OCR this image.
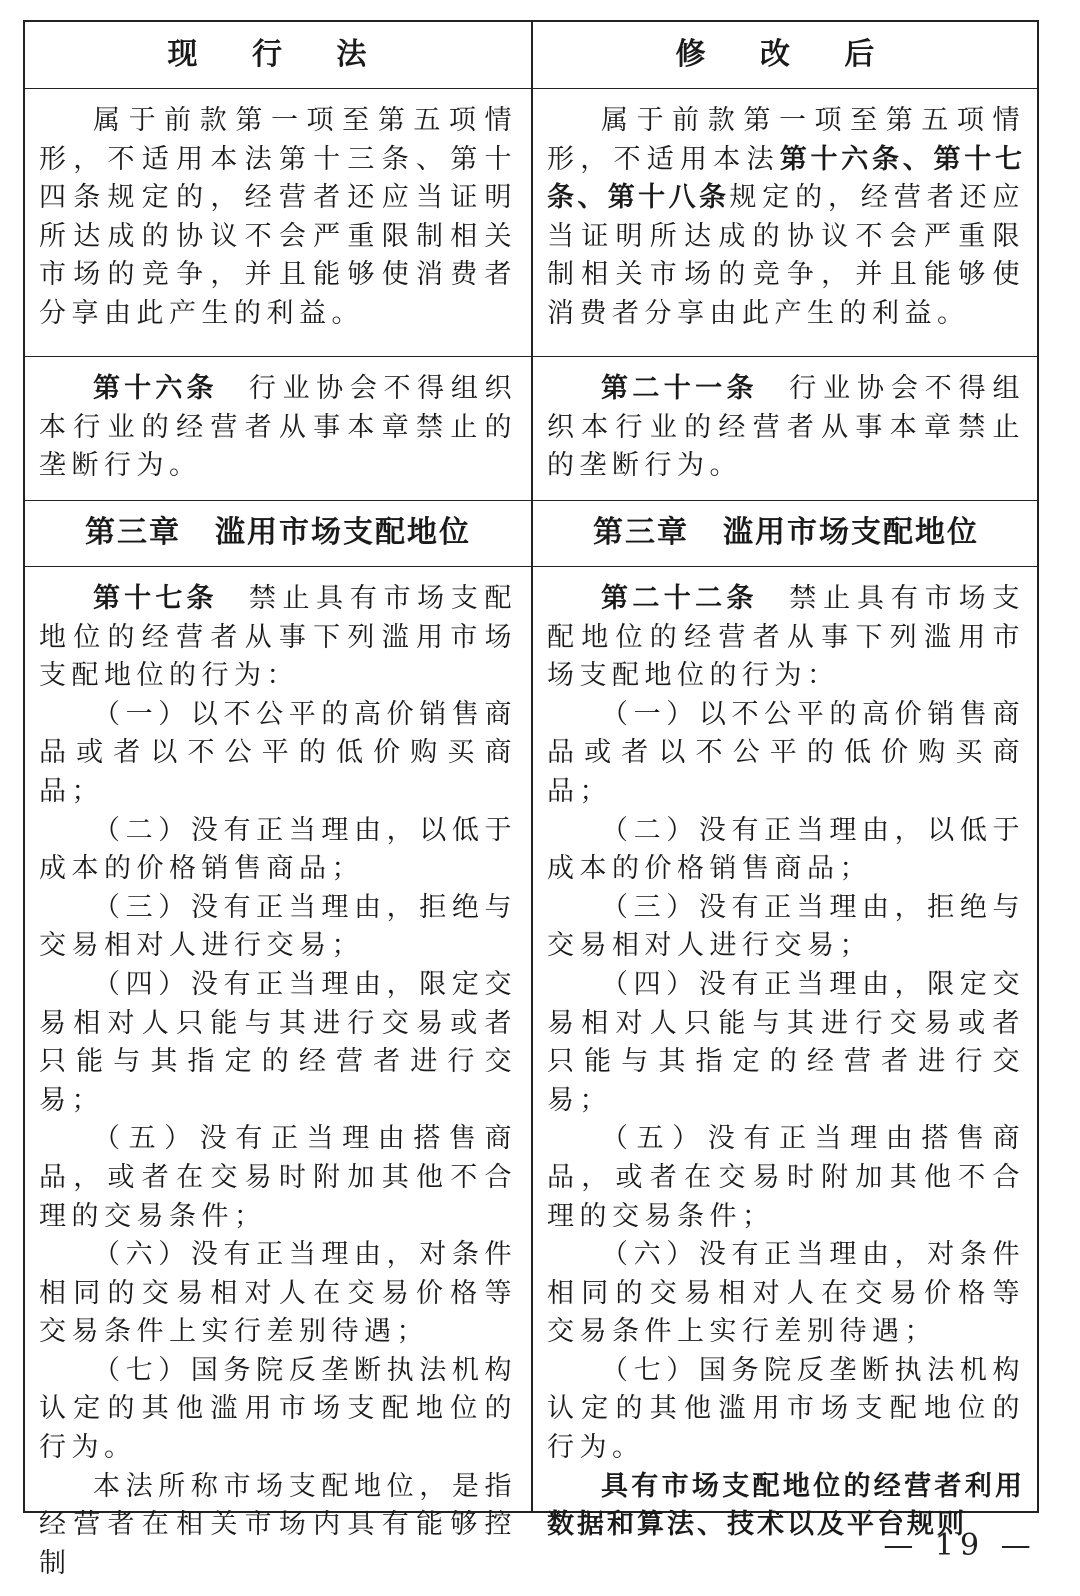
现 行 法	修 改 后

属于前款第一项至第五项情形，不适用本法第十三条、第十四条规定的，经营者还应当证明所达成的协议不会严重限制相关市场的竞争，并且能够使消费者分享由此产生的利益。

属于前款第一项至第五项情形，不适用本法第十六条、第十七条、第十八条规定的，经营者还应当证明所达成的协议不会严重限制相关市场的竞争，并且能够使消费者分享由此产生的利益。

第十六条 行业协会不得组织本行业的经营者从事本章禁止的垄断行为。

第二十一条 行业协会不得组织本行业的经营者从事本章禁止的垄断行为。

第三章 滥用市场支配地位	第三章 滥用市场支配地位

第十七条 禁止具有市场支配地位的经营者从事下列滥用市场支配地位的行为：

（一）以不公平的高价销售商品或者以不公平的低价购买商品；

（二）没有正当理由，以低于成本的价格销售商品；

（三）没有正当理由，拒绝与交易相对人进行交易；

（四）没有正当理由，限定交易相对人只能与其进行交易或者只能与其指定的经营者进行交易；

（五）没有正当理由搭售商品，或者在交易时附加其他不合理的交易条件；

（六）没有正当理由，对条件相同的交易相对人在交易价格等交易条件上实行差别待遇；

（七）国务院反垄断执法机构认定的其他滥用市场支配地位的行为。

本法所称市场支配地位，是指经营者在相关市场内具有能够控制

第二十二条 禁止具有市场支配地位的经营者从事下列滥用市场支配地位的行为：

（一）以不公平的高价销售商品或者以不公平的低价购买商品；

（二）没有正当理由，以低于成本的价格销售商品；

（三）没有正当理由，拒绝与交易相对人进行交易；

（四）没有正当理由，限定交易相对人只能与其进行交易或者只能与其指定的经营者进行交易；

（五）没有正当理由搭售商品，或者在交易时附加其他不合理的交易条件；

（六）没有正当理由，对条件相同的交易相对人在交易价格等交易条件上实行差别待遇；

（七）国务院反垄断执法机构认定的其他滥用市场支配地位的行为。

具有市场支配地位的经营者利用数据和算法、技术以及平台规则

— 19 —
